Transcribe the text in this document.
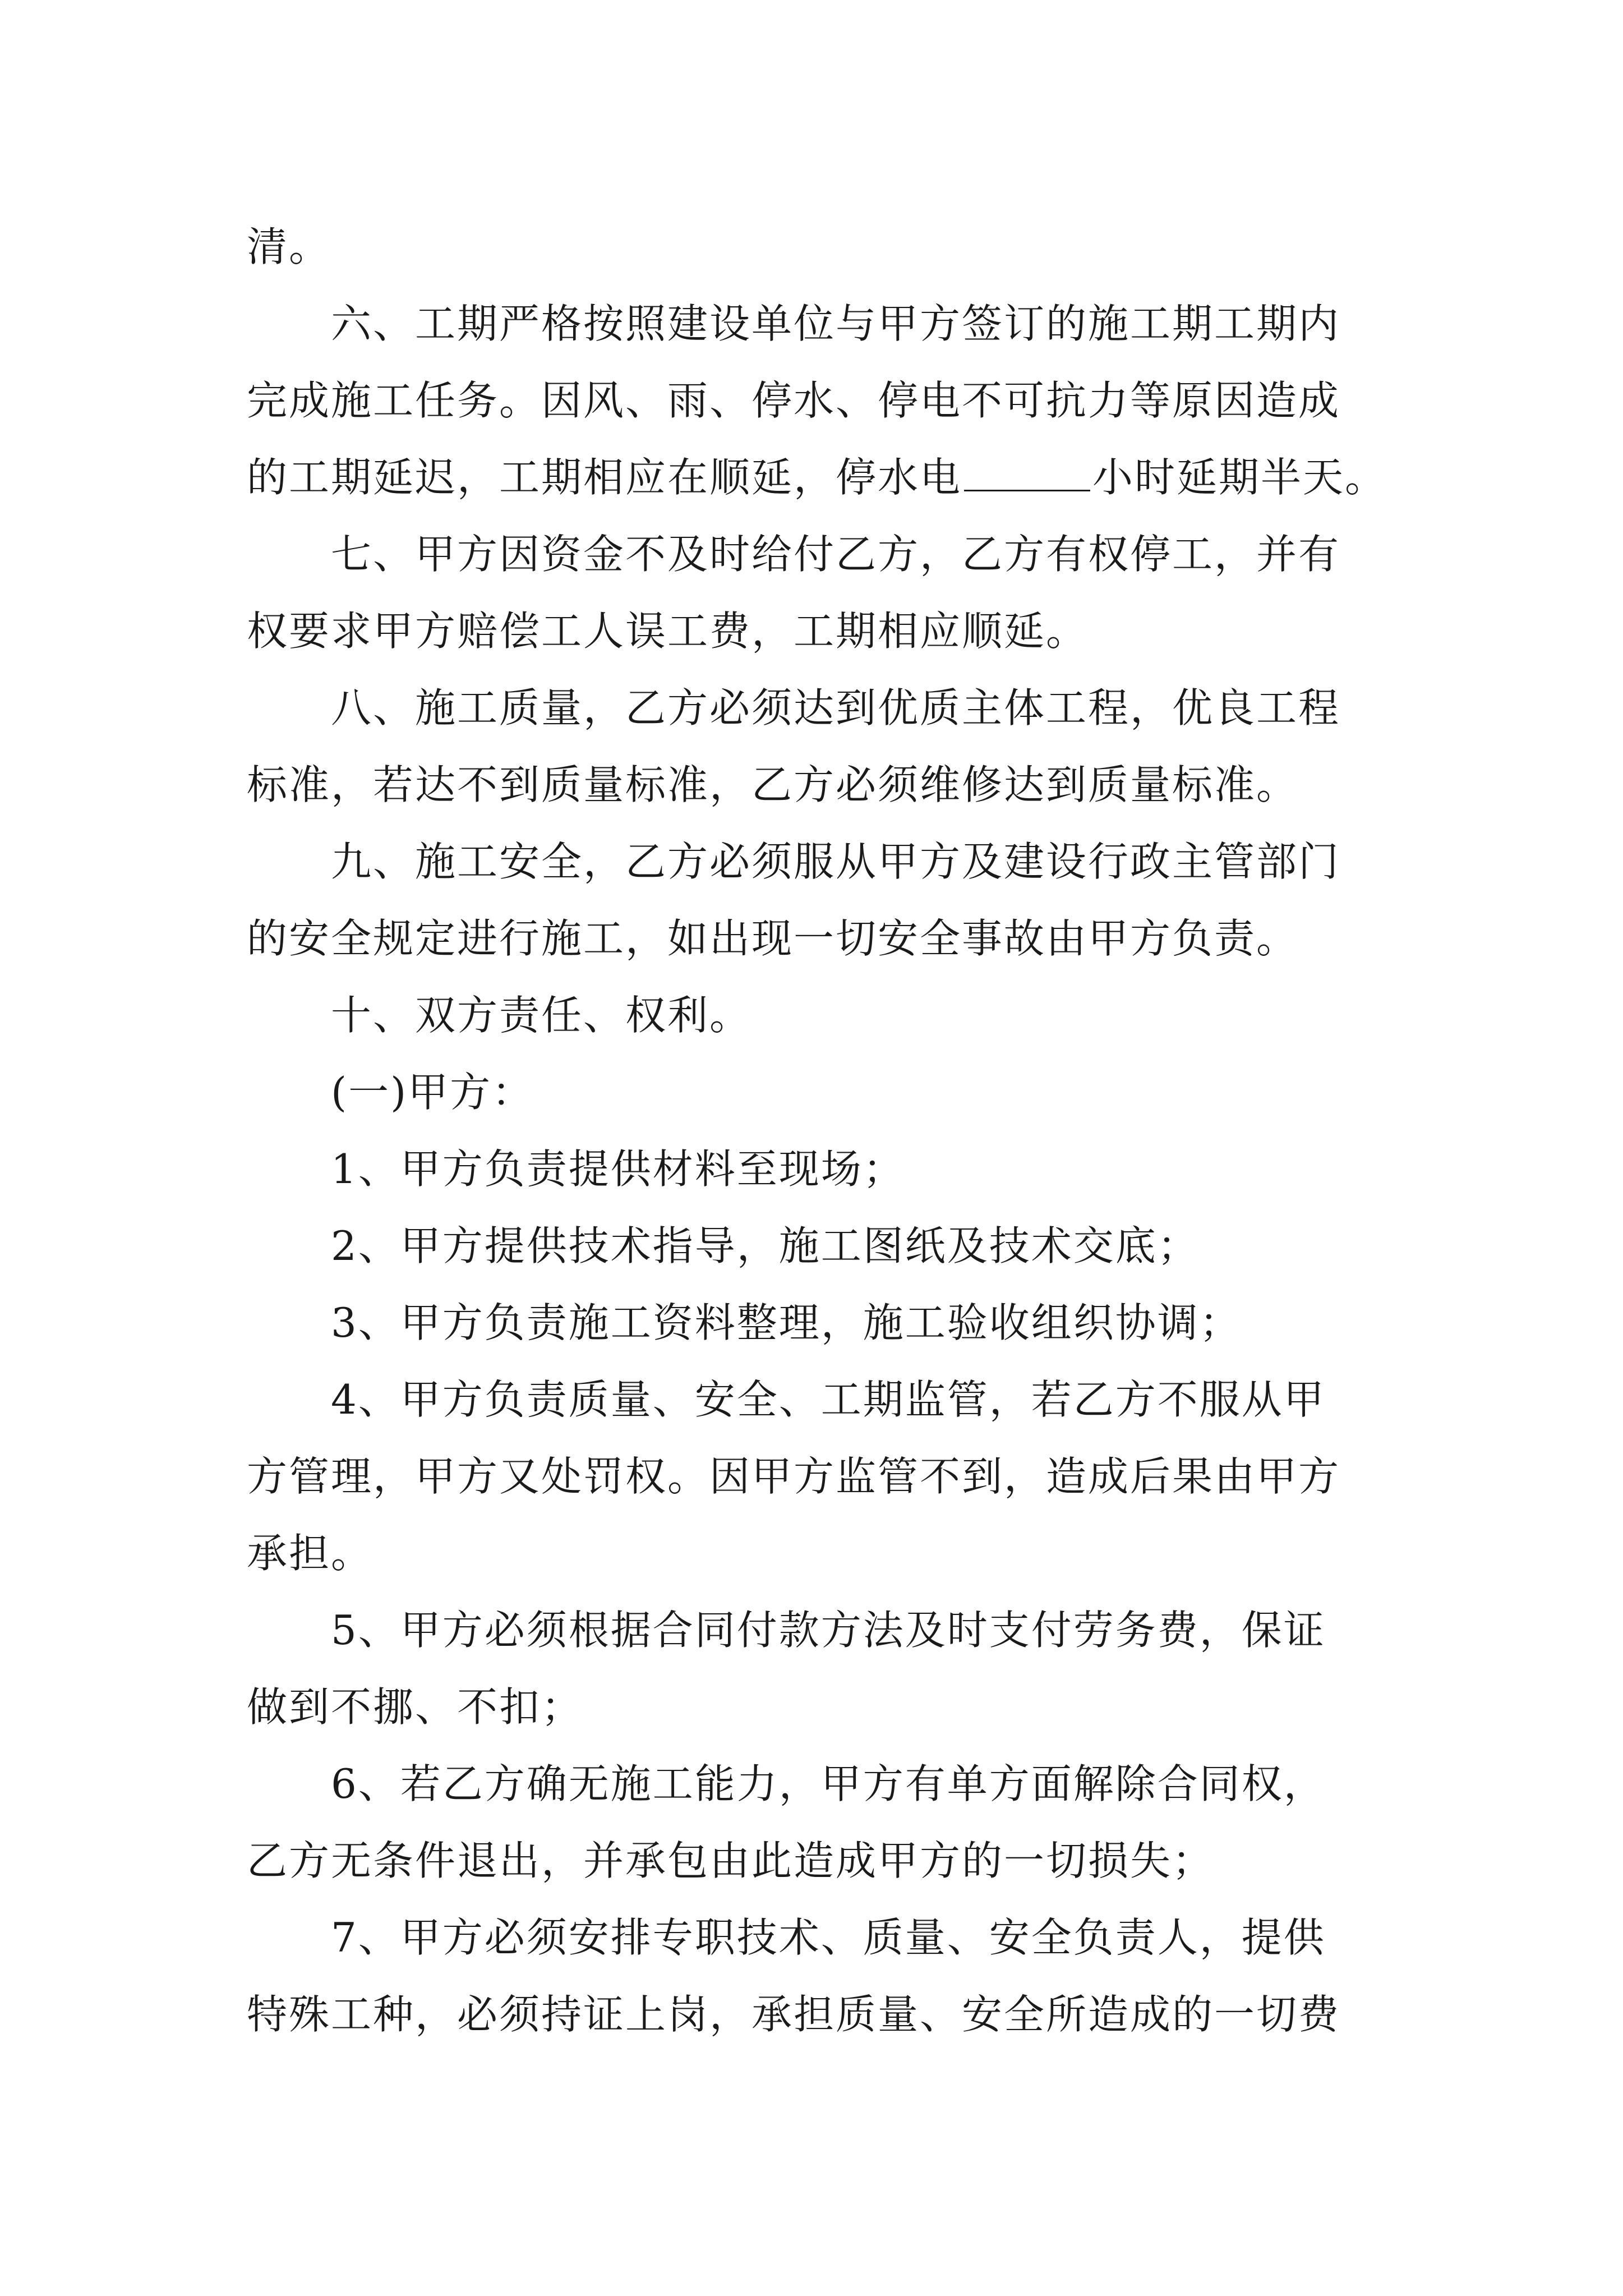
清。
六、工期严格按照建设单位与甲方签订的施工期工期内
完成施工任务。因风、雨、停水、停电不可抗力等原因造成
的工期延迟，工期相应在顺延，停水电	小时延期半天。
七、甲方因资金不及时给付乙方，乙方有权停工，并有
权要求甲方赔偿工人误工费，工期相应顺延。
八、施工质量，乙方必须达到优质主体工程，优良工程
标准，若达不到质量标准，乙方必须维修达到质量标准。
九、施工安全，乙方必须服从甲方及建设行政主管部门
的安全规定进行施工，如出现一切安全事故由甲方负责。
十、双方责任、权利。
(一)甲方：
1、甲方负责提供材料至现场；
2、甲方提供技术指导，施工图纸及技术交底；
3、甲方负责施工资料整理，施工验收组织协调；
4、甲方负责质量、安全、工期监管，若乙方不服从甲
方管理，甲方又处罚权。因甲方监管不到，造成后果由甲方
承担。
5、甲方必须根据合同付款方法及时支付劳务费，保证
做到不挪、不扣；
6、若乙方确无施工能力，甲方有单方面解除合同权，
乙方无条件退出，并承包由此造成甲方的一切损失；
7、甲方必须安排专职技术、质量、安全负责人，提供
特殊工种，必须持证上岗，承担质量、安全所造成的一切费
